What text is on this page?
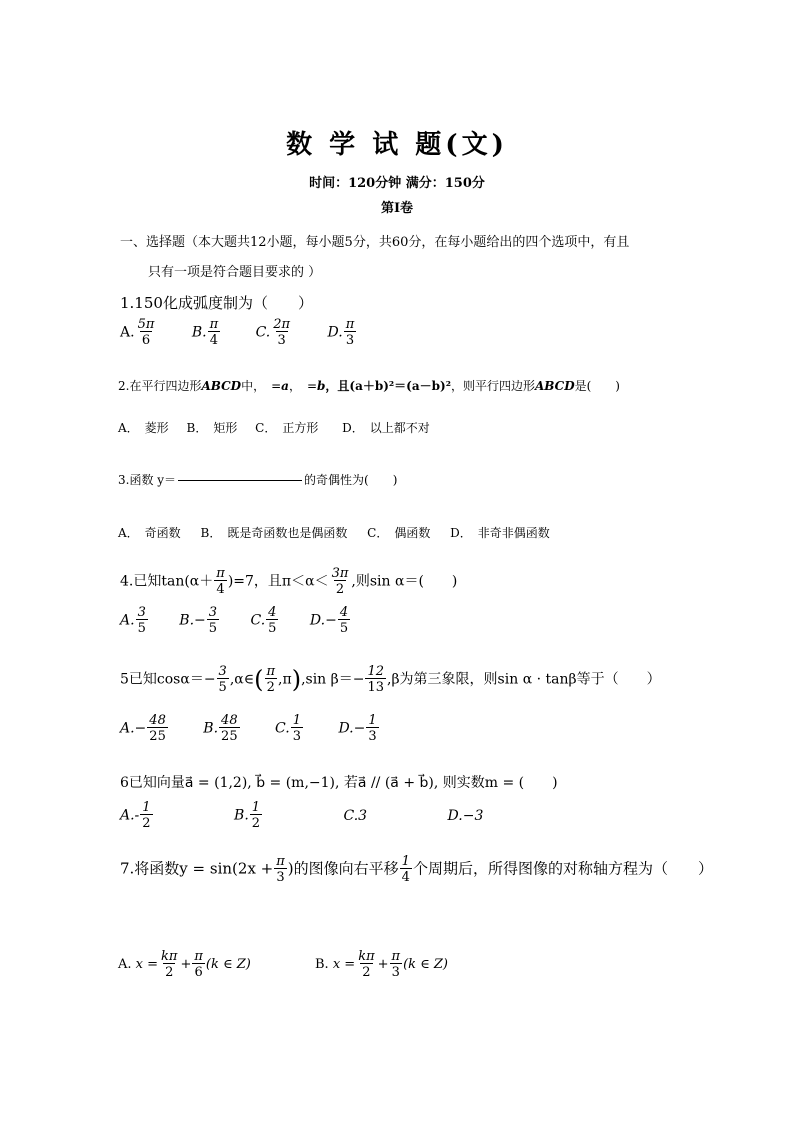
数 学 试 题(文)
时间：120分钟 满分：150分
第Ⅰ卷
一、选择题（本大题共12小题，每小题5分，共60分，在每小题给出的四个选项中，有且
只有一项是符合题目要求的 ）
1.150化成弧度制为（　　）
A. $\frac{5\pi}{6}$	B. $\frac{\pi}{4}$	C. $\frac{2\pi}{3}$	D. $\frac{\pi}{3}$
2.在平行四边形ABCD中，　=a，　=b，且(a＋b)²＝(a－b)²，则平行四边形ABCD是(　　)
A．　菱形 B．　矩形 C．　正方形 D．　以上都不对
3.函数 y＝	的奇偶性为(　　)
A．　奇函数 B．　既是奇函数也是偶函数 C．　偶函数 D．　非奇非偶函数
4.已知$\tan(\alpha+ \frac{\pi}{4} )=7$，且$\pi<\alpha< \frac{3\pi}{2}$ ,则sin α＝(　　)
A. $\frac{3}{5} B.- \frac{3}{5} C$. $\frac{4}{5} D.- \frac{4}{5}$
5已知$\cos\alpha=- \frac{3}{5}$ ,α∈( $\frac{\pi}{2} ,\pi),\sin$ $\beta=- \frac{12}{13} ,\beta$为第三象限，则sin α · tanβ等于（　　）
$A.- \frac{48}{25}$	B. $\frac{48}{25}$	C. $\frac{1}{3}$	$D.- \frac{1}{3}$
6已知向量a⃗ = (1,2), b⃗ = (m,−1), 若a⃗ // (a⃗ + b⃗), 则实数m = (　　)
$A.- \frac{1}{2}$	B. $\frac{1}{2}$	C.3	D.−3
7.将函数$y = \sin(2x + \frac{\pi}{3}$ )的图像向右平移 $\frac{1}{4}$ 个周期后，所得图像的对称轴方程为（　　）
A. $x = \frac{k\pi}{2} + \frac{\pi}{6} (k$ ∈ Z)	B. $x = \frac{k\pi}{2} + \frac{\pi}{3} (k$ ∈ Z)
